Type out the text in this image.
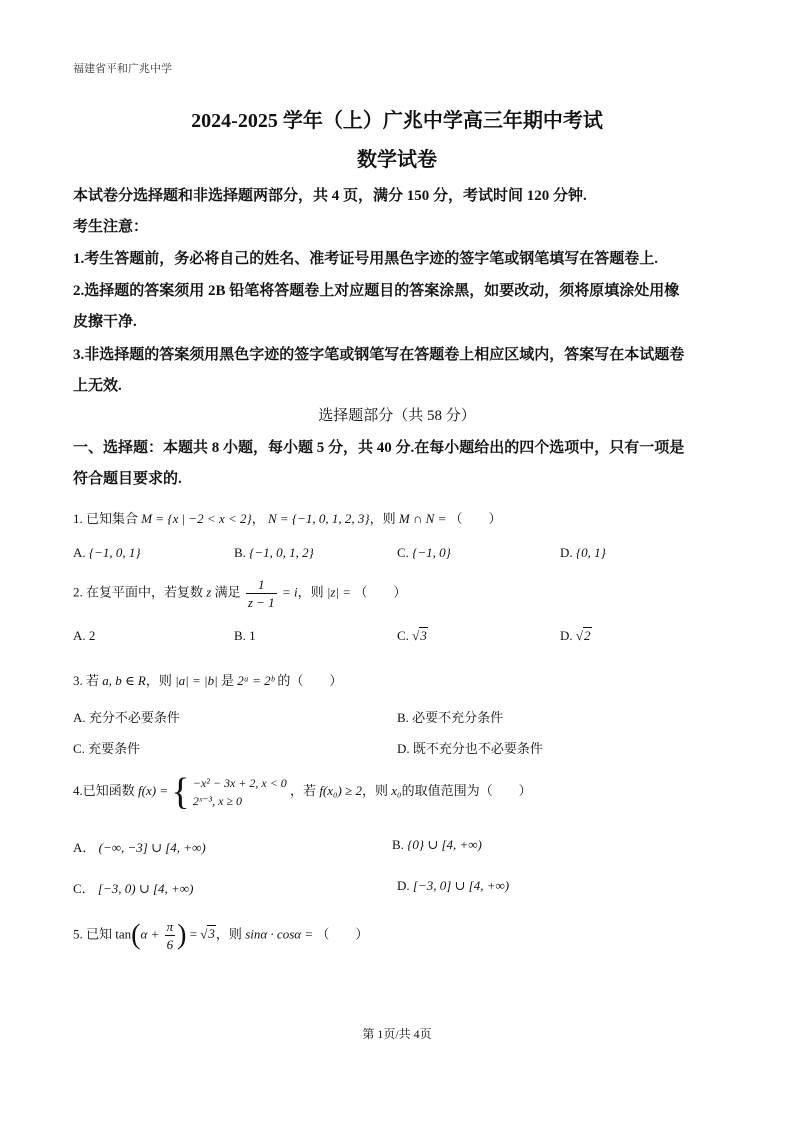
福建省平和广兆中学
2024-2025 学年（上）广兆中学高三年期中考试
数学试卷
本试卷分选择题和非选择题两部分，共 4 页，满分 150 分，考试时间 120 分钟.
考生注意：
1.考生答题前，务必将自己的姓名、准考证号用黑色字迹的签字笔或钢笔填写在答题卷上.
2.选择题的答案须用 2B 铅笔将答题卷上对应题目的答案涂黑，如要改动，须将原填涂处用橡
皮擦干净.
3.非选择题的答案须用黑色字迹的签字笔或钢笔写在答题卷上相应区域内，答案写在本试题卷
上无效.
选择题部分（共 58 分）
一、选择题：本题共 8 小题，每小题 5 分，共 40 分.在每小题给出的四个选项中，只有一项是
符合题目要求的.
1. 已知集合 M = {x | −2 < x < 2}， N = {−1, 0, 1, 2, 3}，则 M ∩ N = （　　）
A. {−1, 0, 1}	B. {−1, 0, 1, 2}	C. {−1, 0}	D. {0, 1}
2. 在复平面中，若复数 z 满足 $\frac{1}{z - 1} = i$，则 |z| = （　　）
A. 2	B. 1	C. √3	D. √2
3. 若 a, b ∈ R，则 |a| = |b| 是 2ᵃ = 2ᵇ 的（　　）
A. 充分不必要条件	B. 必要不充分条件
C. 充要条件	D. 既不充分也不必要条件
4.已知函数 f(x) = { −x² − 3x + 2, x < 0
2ˣ⁻³, x ≥ 0
，若 f(x₀) ≥ 2，则 x₀的取值范围为（　　）
A． (−∞, −3] ∪ [4, +∞)	B. {0} ∪ [4, +∞)
C． [−3, 0) ∪ [4, +∞)	D. [−3, 0] ∪ [4, +∞)
5. 已知 $\tan(\alpha + \frac{\pi}{6}$ ) = √3，则 sinα · cosα = （　　）
第 1页/共 4页
